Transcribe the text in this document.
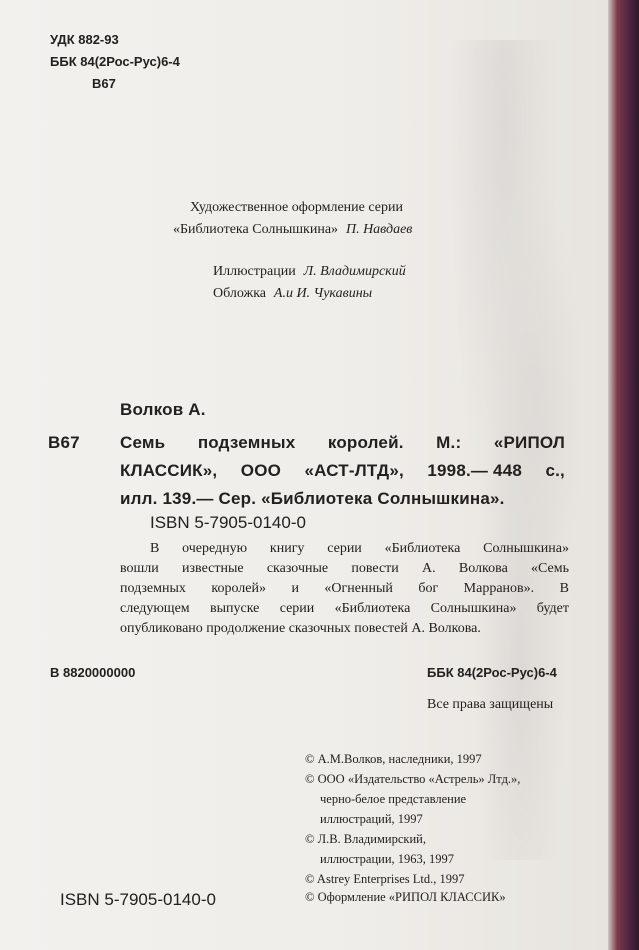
УДК 882-93
ББК 84(2Рос-Рус)6-4
В67
Художественное оформление серии
«Библиотека Солнышкина» П. Навдаев
Иллюстрации Л. Владимирский
Обложка А.и И. Чукавины
Волков А.
В67 Семь подземных королей. М.: «РИПОЛ
КЛАССИК», ООО «АСТ-ЛТД», 1998.— 448 с.,
илл. 139.— Сер. «Библиотека Солнышкина».
ISBN 5-7905-0140-0
В очередную книгу серии «Библиотека Солнышкина»
вошли известные сказочные повести А. Волкова «Семь
подземных королей» и «Огненный бог Марранов». В
следующем выпуске серии «Библиотека Солнышкина» будет
опубликовано продолжение сказочных повестей А. Волкова.
В 8820000000	ББК 84(2Рос-Рус)6-4
Все права защищены
© А.М.Волков, наследники, 1997
© ООО «Издательство «Астрель» Лтд.»,
черно-белое представление
иллюстраций, 1997
© Л.В. Владимирский,
иллюстрации, 1963, 1997
© Astrey Enterprises Ltd., 1997
© Оформление «РИПОЛ КЛАССИК»
ISBN 5-7905-0140-0
